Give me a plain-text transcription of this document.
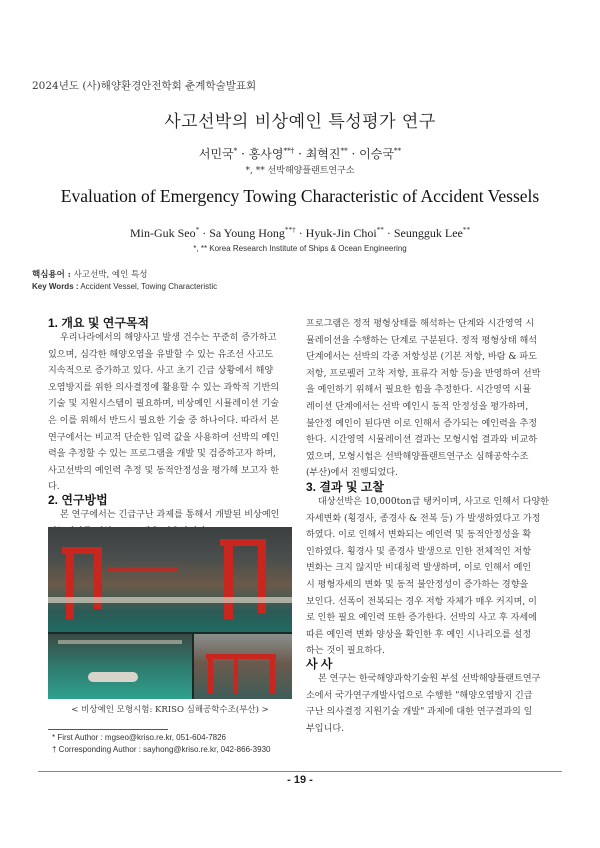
2024년도 (사)해양환경안전학회 춘계학술발표회
사고선박의 비상예인 특성평가 연구
서민국* · 홍사영**† · 최혁진** · 이승국**
*, ** 선박해양플랜트연구소
Evaluation of Emergency Towing Characteristic of Accident Vessels
Min-Guk Seo* · Sa Young Hong**† · Hyuk-Jin Choi** · Seungguk Lee**
*, ** Korea Research Institute of Ships & Ocean Engineering
핵심용어 : 사고선박, 예인 특성
Key Words : Accident Vessel, Towing Characteristic
1. 개요 및 연구목적
우리나라에서의 해양사고 발생 건수는 꾸준히 증가하고
있으며, 심각한 해양오염을 유발할 수 있는 유조선 사고도
지속적으로 증가하고 있다. 사고 초기 긴급 상황에서 해양
오염방지를 위한 의사결정에 활용할 수 있는 과학적 기반의
기술 및 지원시스템이 필요하며, 비상예인 시뮬레이션 기술
은 이를 위해서 반드시 필요한 기술 중 하나이다. 따라서 본
연구에서는 비교적 단순한 입력 값을 사용하여 선박의 예인
력을 추정할 수 있는 프로그램을 개발 및 검증하고자 하며,
사고선박의 예인력 추정 및 동적안정성을 평가해 보고자 한
다.
2. 연구방법
본 연구에서는 긴급구난 과제를 통해서 개발된 비상예인
< 비상예인 모형시험: KRISO 심해공학수조(부산) >
* First Author : mgseo@kriso.re.kr, 051-604-7826
† Corresponding Author : sayhong@kriso.re.kr, 042-866-3930
프로그램은 정적 평형상태를 해석하는 단계와 시간영역 시
뮬레이션을 수행하는 단계로 구분된다. 정적 평형상태 해석
단계에서는 선박의 각종 저항성분 (기본 저항, 바람 & 파도
저항, 프로펠러 고착 저항, 표류각 저항 등)을 반영하여 선박
을 예인하기 위해서 필요한 힘을 추정한다. 시간영역 시뮬
레이션 단계에서는 선박 예인시 동적 안정성을 평가하며,
불안정 예인이 된다면 이로 인해서 증가되는 예인력을 추정
한다. 시간영역 시뮬레이션 결과는 모형시험 결과와 비교하
였으며, 모형시험은 선박해양플랜트연구소 심해공학수조
(부산)에서 진행되었다.
3. 결과 및 고찰
대상선박은 10,000ton급 탱커이며, 사고로 인해서 다양한
자세변화 (횡경사, 종경사 & 전복 등) 가 발생하였다고 가정
하였다. 이로 인해서 변화되는 예인력 및 동적안정성을 확
인하였다. 횡경사 및 종경사 발생으로 인한 전체적인 저항
변화는 크지 않지만 비대칭력 발생하며, 이로 인해서 예인
시 평형자세의 변화 및 동적 불안정성이 증가하는 경향을
보인다. 선폭이 전복되는 경우 저항 자체가 매우 커지며, 이
로 인한 필요 예인력 또한 증가한다. 선박의 사고 후 자세에
따른 예인력 변화 양상을 확인한 후 예인 시나리오를 설정
하는 것이 필요하다.
사 사
본 연구는 한국해양과학기술원 부설 선박해양플랜트연구
소에서 국가연구개발사업으로 수행한 "해양오염방지 긴급
구난 의사결정 지원기술 개발" 과제에 대한 연구결과의 일
부입니다.
- 19 -
